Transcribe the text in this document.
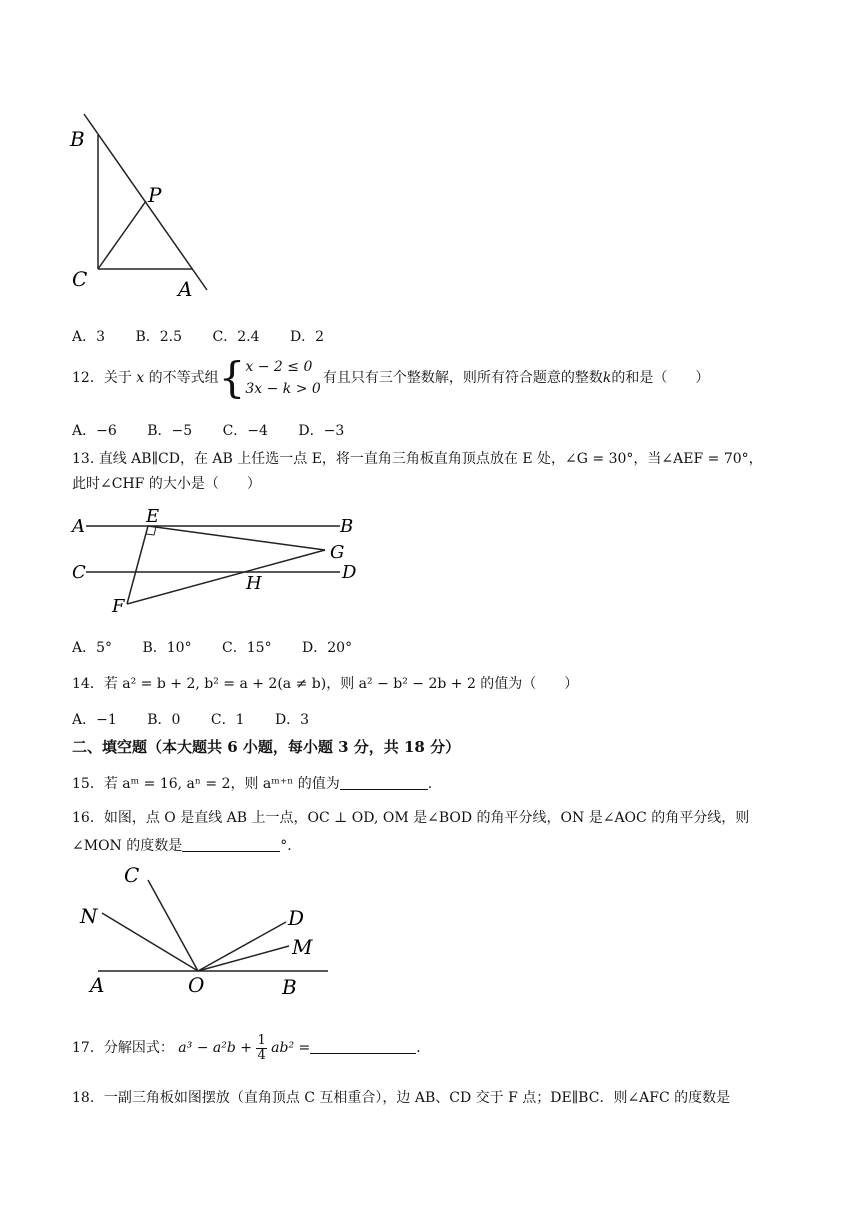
B
P
C	A
A．3 B．2.5 C．2.4 D．2
12．关于 x 的不等式组{ x − 2 ≤ 0
3x − k > 0
有且只有三个整数解，则所有符合题意的整数k的和是（　　）
A．−6 B．−5 C．−4 D．−3
13. 直线 AB∥CD，在 AB 上任选一点 E，将一直角三角板直角顶点放在 E 处，∠G = 30°，当∠AEF = 70°，
此时∠CHF 的大小是（　　）
A	E	B
C
G
D
H
F
A．5° B．10° C．15° D．20°
14．若 a² = b + 2, b² = a + 2(a ≠ b)，则 a² − b² − 2b + 2 的值为（　　）
A．−1 B．0 C．1 D．3
二、填空题（本大题共 6 小题，每小题 3 分，共 18 分）
15．若 aᵐ = 16, aⁿ = 2，则 aᵐ⁺ⁿ 的值为	.
16．如图，点 O 是直线 AB 上一点，OC ⊥ OD, OM 是∠BOD 的角平分线，ON 是∠AOC 的角平分线，则
∠MON 的度数是	°.
C
N	D
M
A	O	B
17．分解因式： $a^3 - a^2b + \frac{1}{4} ab^2$ =	.
18．一副三角板如图摆放（直角顶点 C 互相重合），边 AB、CD 交于 F 点；DE∥BC．则∠AFC 的度数是
